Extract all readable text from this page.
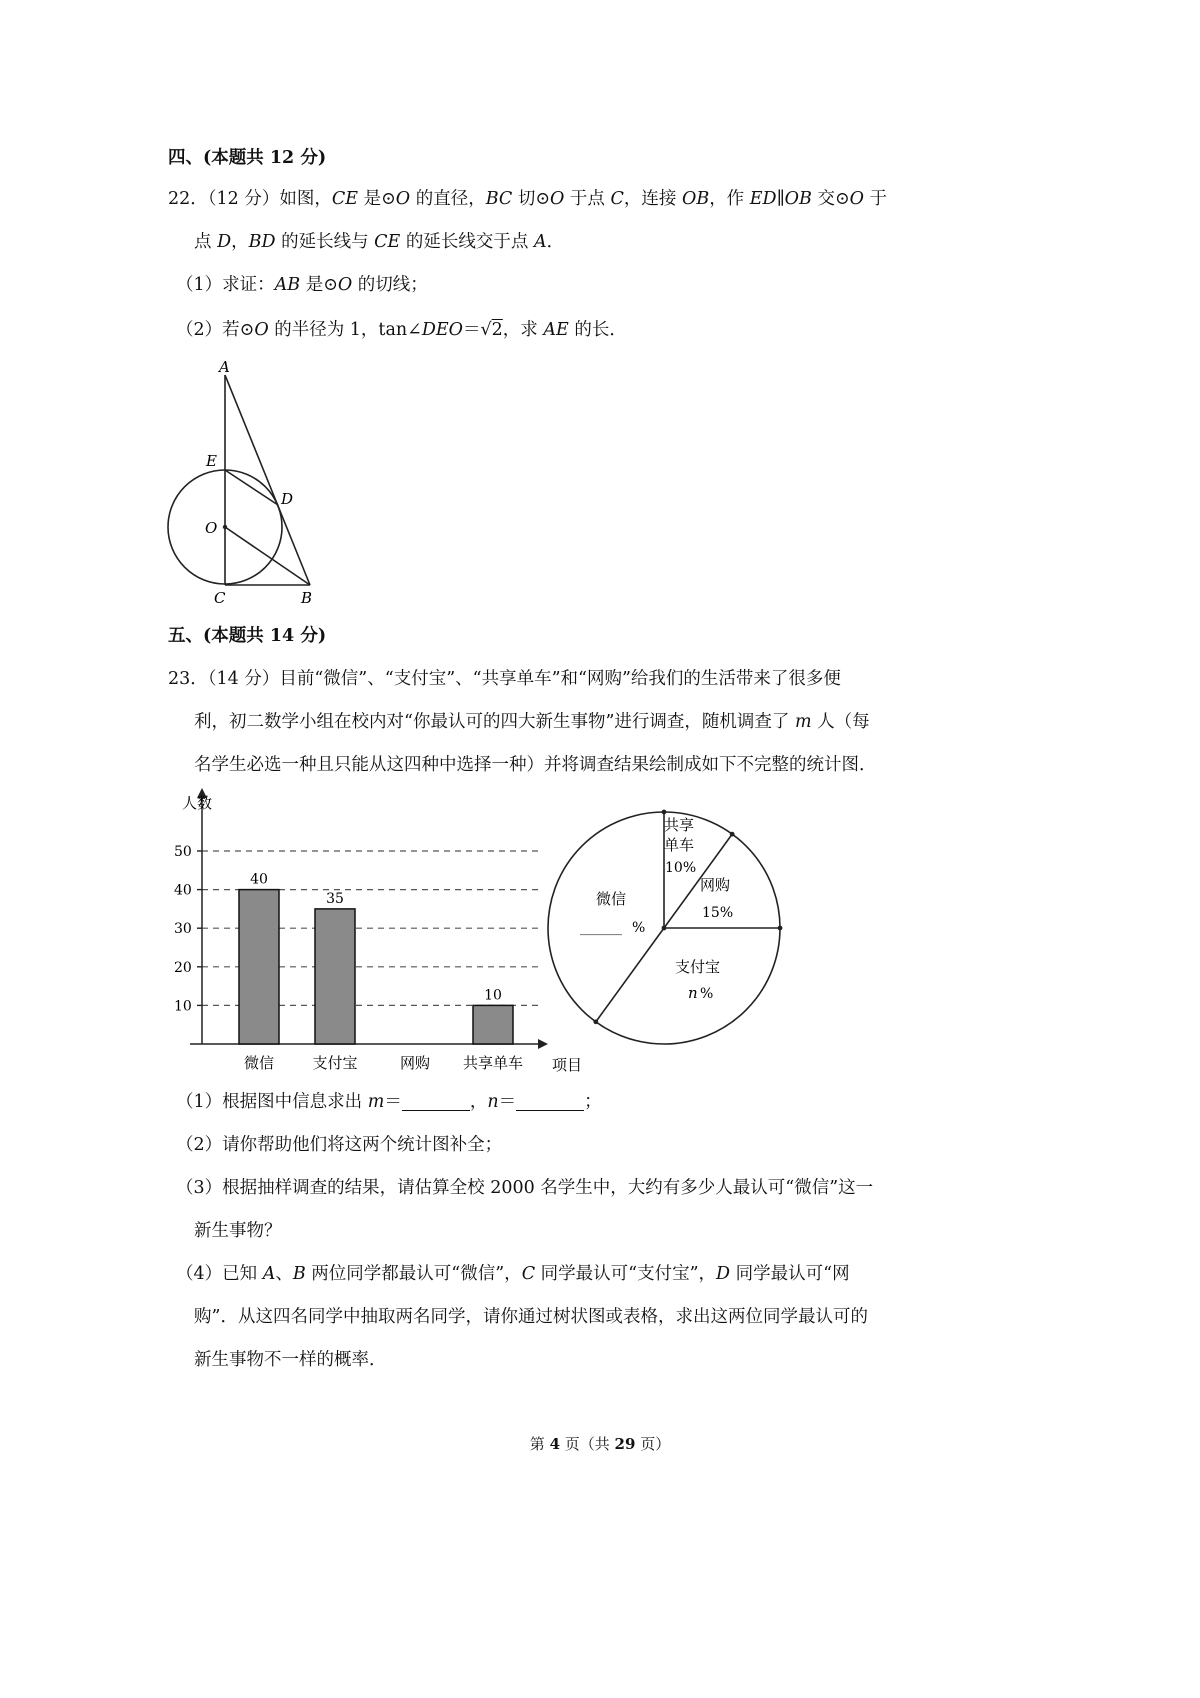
四、(本题共 12 分)
22．（12 分）如图，CE 是⊙O 的直径，BC 切⊙O 于点 C，连接 OB，作 ED∥OB 交⊙O 于
点 D，BD 的延长线与 CE 的延长线交于点 A．
（1）求证：AB 是⊙O 的切线；
（2）若⊙O 的半径为 1，tan∠DEO＝√2，求 AE 的长．
A
E
D
O
C	B
五、(本题共 14 分)
23．（14 分）目前“微信”、“支付宝”、“共享单车”和“网购”给我们的生活带来了很多便
利，初二数学小组在校内对“你最认可的四大新生事物”进行调查，随机调查了 m 人（每
名学生必选一种且只能从这四种中选择一种）并将调查结果绘制成如下不完整的统计图．
10
20
30
40
50
人数
项目
40
微信
35
支付宝	网购
10
共享单车
共享
单车
10%
网购
15%
支付宝
n %
微信
______ %
（1）根据图中信息求出 m＝	，n＝	；
（2）请你帮助他们将这两个统计图补全；
（3）根据抽样调查的结果，请估算全校 2000 名学生中，大约有多少人最认可“微信”这一
新生事物？
（4）已知 A、B 两位同学都最认可“微信”，C 同学最认可“支付宝”，D 同学最认可“网
购”．从这四名同学中抽取两名同学，请你通过树状图或表格，求出这两位同学最认可的
新生事物不一样的概率．
第 4 页（共 29 页）
